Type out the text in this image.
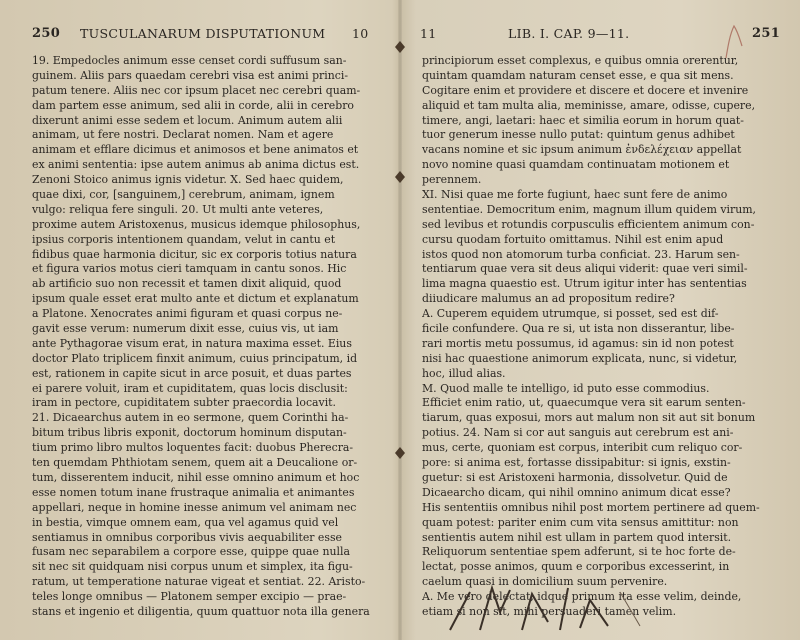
250 TUSCULANARUM DISPUTATIONUM 10
19. Empedocles animum esse censet cordi suffusum san-
guinem. Aliis pars quaedam cerebri visa est animi princi-
patum tenere. Aliis nec cor ipsum placet nec cerebri quam-
dam partem esse animum, sed alii in corde, alii in cerebro
dixerunt animi esse sedem et locum. Animum autem alii
animam, ut fere nostri. Declarat nomen. Nam et agere
animam et efflare dicimus et animosos et bene animatos et
ex animi sententia: ipse autem animus ab anima dictus est.
Zenoni Stoico animus ignis videtur. X. Sed haec quidem,
quae dixi, cor, [sanguinem,] cerebrum, animam, ignem
vulgo: reliqua fere singuli. 20. Ut multi ante veteres,
proxime autem Aristoxenus, musicus idemque philosophus,
ipsius corporis intentionem quandam, velut in cantu et
fidibus quae harmonia dicitur, sic ex corporis totius natura
et figura varios motus cieri tamquam in cantu sonos. Hic
ab artificio suo non recessit et tamen dixit aliquid, quod
ipsum quale esset erat multo ante et dictum et explanatum
a Platone. Xenocrates animi figuram et quasi corpus ne-
gavit esse verum: numerum dixit esse, cuius vis, ut iam
ante Pythagorae visum erat, in natura maxima esset. Eius
doctor Plato triplicem finxit animum, cuius principatum, id
est, rationem in capite sicut in arce posuit, et duas partes
ei parere voluit, iram et cupiditatem, quas locis disclusit:
iram in pectore, cupiditatem subter praecordia locavit.
21. Dicaearchus autem in eo sermone, quem Corinthi ha-
bitum tribus libris exponit, doctorum hominum disputan-
tium primo libro multos loquentes facit: duobus Pherecra-
ten quemdam Phthiotam senem, quem ait a Deucalione or-
tum, disserentem inducit, nihil esse omnino animum et hoc
esse nomen totum inane frustraque animalia et animantes
appellari, neque in homine inesse animum vel animam nec
in bestia, vimque omnem eam, qua vel agamus quid vel
sentiamus in omnibus corporibus vivis aequabiliter esse
fusam nec separabilem a corpore esse, quippe quae nulla
sit nec sit quidquam nisi corpus unum et simplex, ita figu-
ratum, ut temperatione naturae vigeat et sentiat. 22. Aristo-
teles longe omnibus — Platonem semper excipio — prae-
stans et ingenio et diligentia, quum quattuor nota illa genera
11	LIB. I. CAP. 9—11.	251
principiorum esset complexus, e quibus omnia orerentur,
quintam quamdam naturam censet esse, e qua sit mens.
Cogitare enim et providere et discere et docere et invenire
aliquid et tam multa alia, meminisse, amare, odisse, cupere,
timere, angi, laetari: haec et similia eorum in horum quat-
tuor generum inesse nullo putat: quintum genus adhibet
vacans nomine et sic ipsum animum ἐνδελέχειαν appellat
novo nomine quasi quamdam continuatam motionem et
perennem.
XI. Nisi quae me forte fugiunt, haec sunt fere de animo
sententiae. Democritum enim, magnum illum quidem virum,
sed levibus et rotundis corpusculis efficientem animum con-
cursu quodam fortuito omittamus. Nihil est enim apud
istos quod non atomorum turba conficiat. 23. Harum sen-
tentiarum quae vera sit deus aliqui viderit: quae veri simil-
lima magna quaestio est. Utrum igitur inter has sententias
diiudicare malumus an ad propositum redire?
A. Cuperem equidem utrumque, si posset, sed est dif-
ficile confundere. Qua re si, ut ista non disserantur, libe-
rari mortis metu possumus, id agamus: sin id non potest
nisi hac quaestione animorum explicata, nunc, si videtur,
hoc, illud alias.
M. Quod malle te intelligo, id puto esse commodius.
Efficiet enim ratio, ut, quaecumque vera sit earum senten-
tiarum, quas exposui, mors aut malum non sit aut sit bonum
potius. 24. Nam si cor aut sanguis aut cerebrum est ani-
mus, certe, quoniam est corpus, interibit cum reliquo cor-
pore: si anima est, fortasse dissipabitur: si ignis, exstin-
guetur: si est Aristoxeni harmonia, dissolvetur. Quid de
Dicaearcho dicam, qui nihil omnino animum dicat esse?
His sententiis omnibus nihil post mortem pertinere ad quem-
quam potest: pariter enim cum vita sensus amittitur: non
sentientis autem nihil est ullam in partem quod intersit.
Reliquorum sententiae spem adferunt, si te hoc forte de-
lectat, posse animos, quum e corporibus excesserint, in
caelum quasi in domicilium suum pervenire.
A. Me vero delectat, idque primum ita esse velim, deinde,
etiam si non sit, mihi persuaderi tamen velim.
